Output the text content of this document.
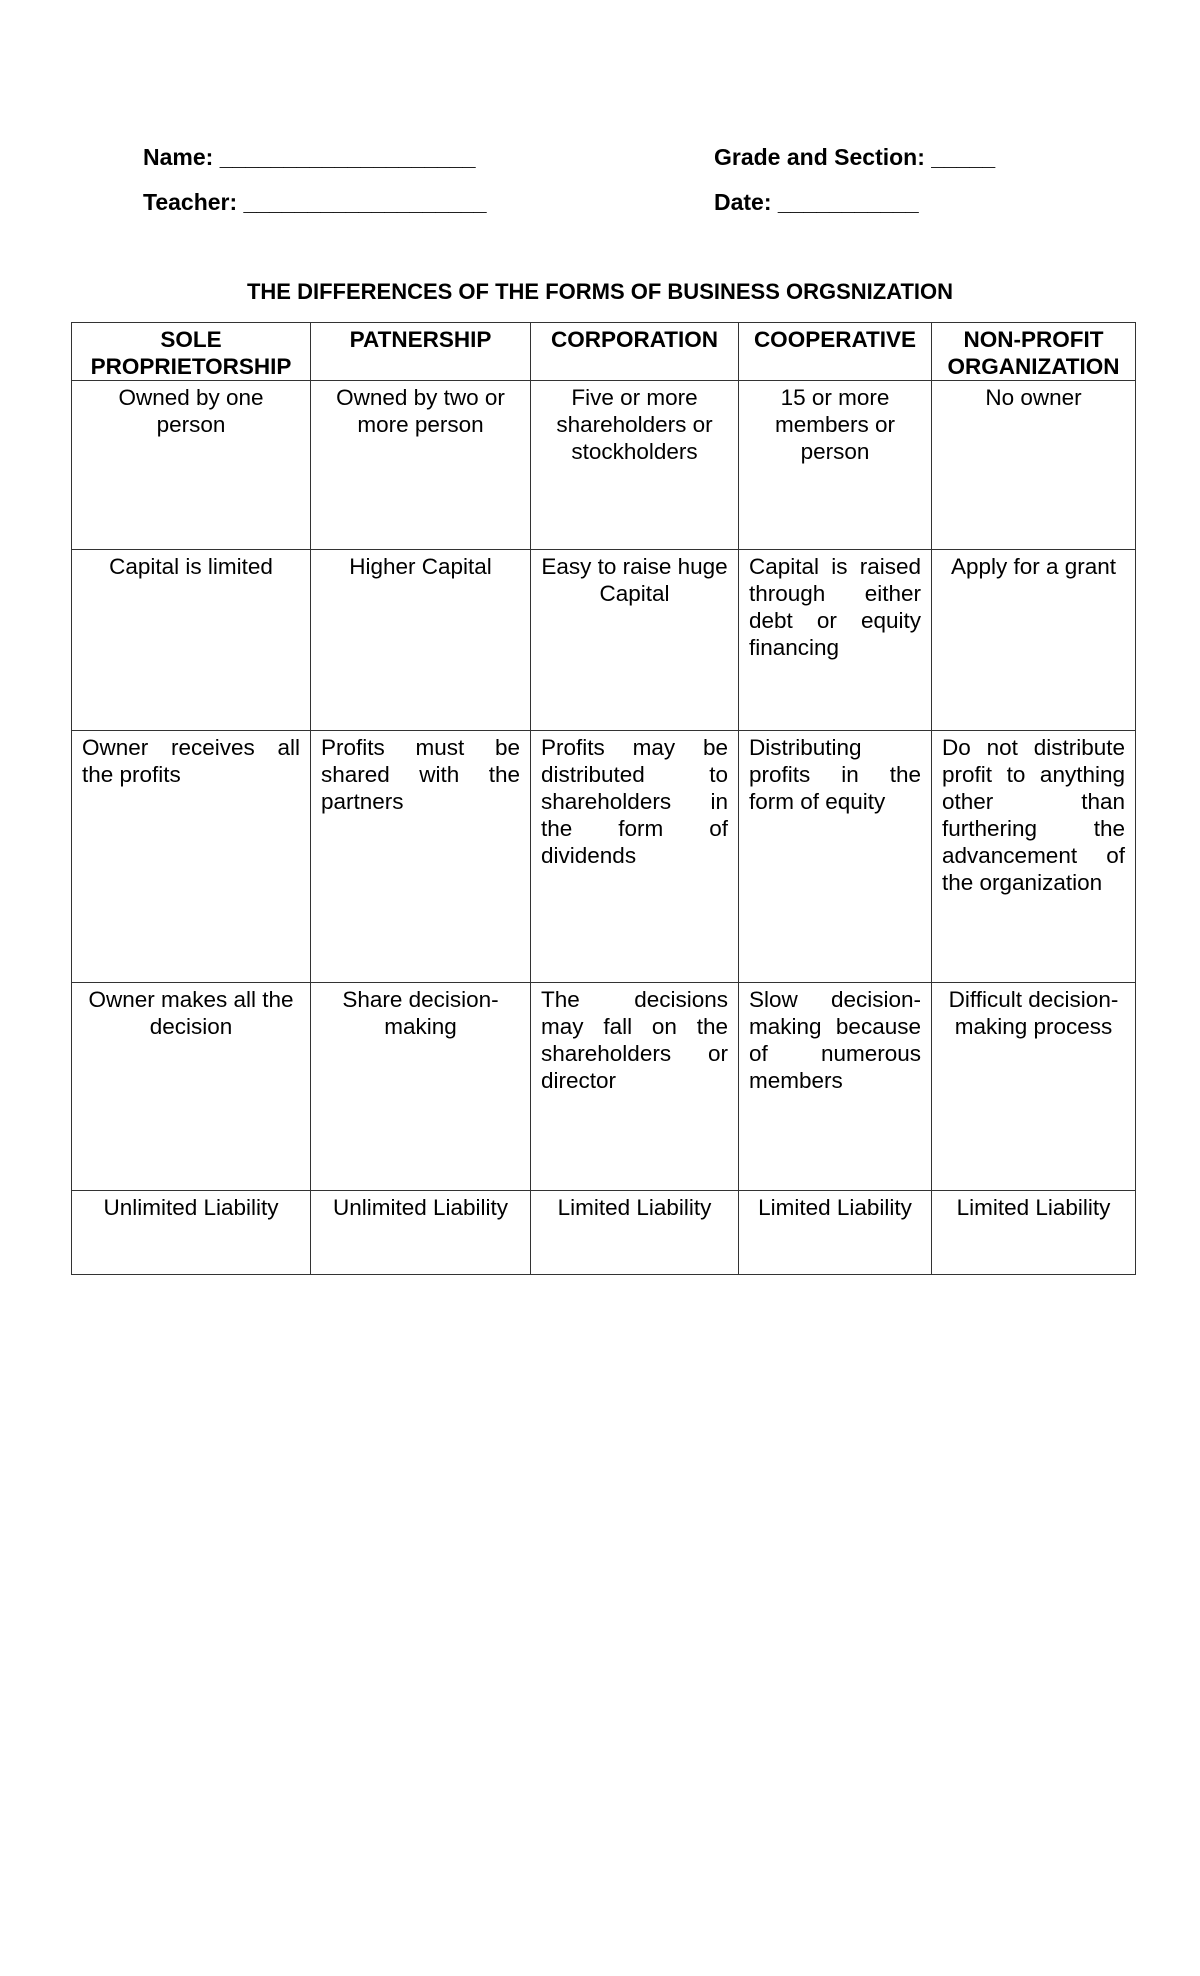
Name: ____________________	Grade and Section: _____
Teacher: ___________________	Date: ___________
THE DIFFERENCES OF THE FORMS OF BUSINESS ORGSNIZATION
SOLE PROPRIETORSHIP	PATNERSHIP	CORPORATION	COOPERATIVE	NON-PROFIT ORGANIZATION
Owned by one person	Owned by two or more person	Five or more shareholders or stockholders	15 or more members or person	No owner
Capital is limited	Higher Capital	Easy to raise huge Capital	Capital is raised through either debt or equity financing	Apply for a grant
Owner receives all the profits	Profits must be shared with the partners	Profits may be distributed to shareholders in the form of dividends	Distributing profits in the form of equity	Do not distribute profit to anything other than furthering the advancement of the organization
Owner makes all the decision	Share decision-making	The decisions may fall on the shareholders or director	Slow decision-making because of numerous members	Difficult decision-making process
Unlimited Liability	Unlimited Liability	Limited Liability	Limited Liability	Limited Liability
